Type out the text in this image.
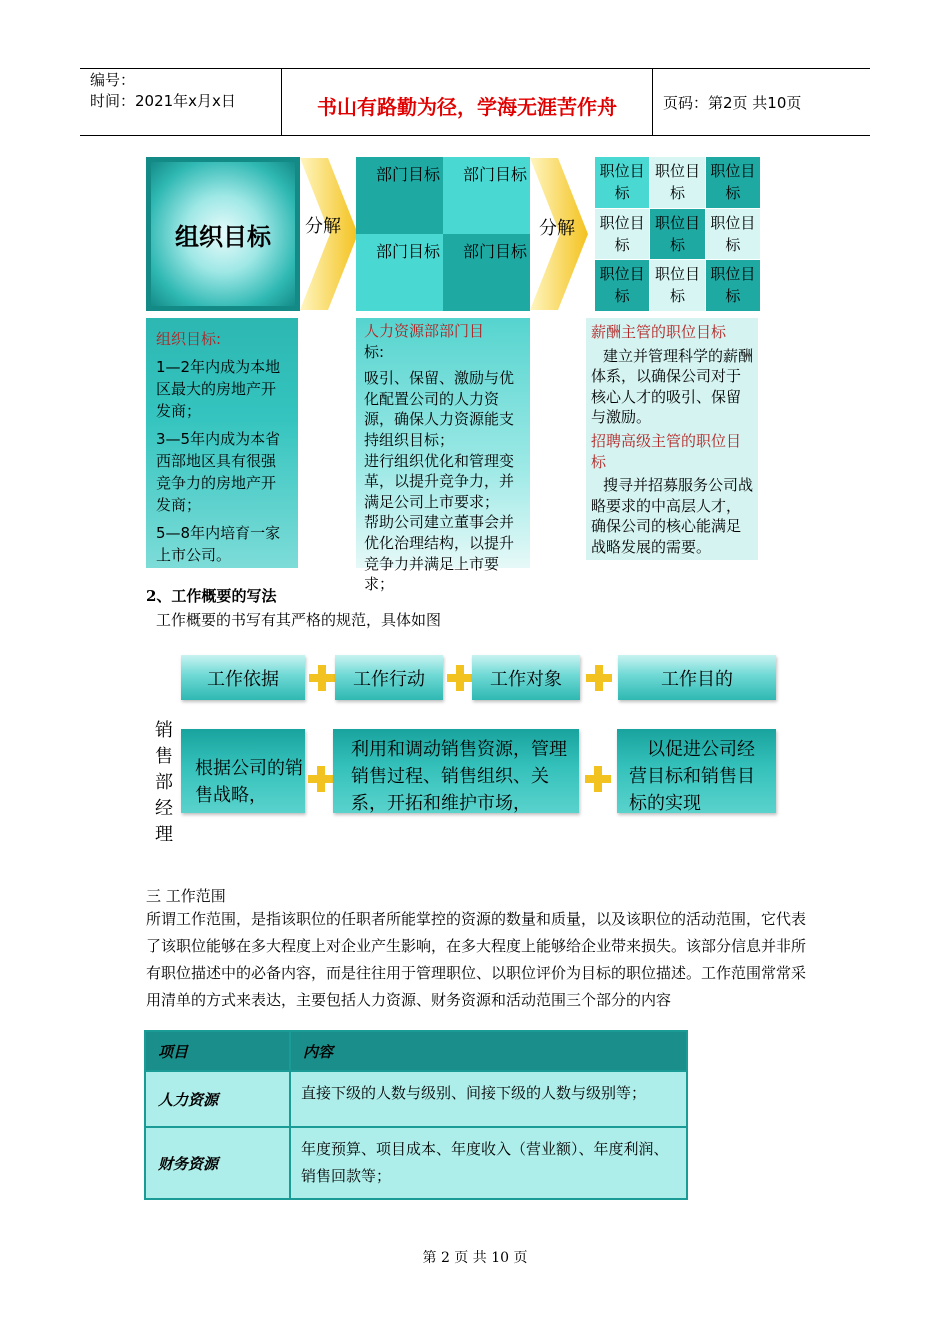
编号：
时间：2021年x月x日	书山有路勤为径，学海无涯苦作舟	页码：第2页 共10页
组织目标 分解
部门目标	部门目标
部门目标	部门目标
分解
职位目标
职位目标
职位目标
职位目标
职位目标
职位目标
职位目标
职位目标
职位目标

组织目标:

1—2年内成为本地区最大的房地产开发商；

3—5年内成为本省西部地区具有很强竞争力的房地产开发商；

5—8年内培育一家上市公司。

人力资源部部门目

标:

吸引、保留、激励与优化配置公司的人力资源，确保人力资源能支持组织目标；

进行组织优化和管理变革，以提升竞争力，并满足公司上市要求；

帮助公司建立董事会并优化治理结构，以提升竞争力并满足上市要求；

薪酬主管的职位目标

建立并管理科学的薪酬体系，以确保公司对于核心人才的吸引、保留与激励。

招聘高级主管的职位目标

搜寻并招募服务公司战略要求的中高层人才，确保公司的核心能满足战略发展的需要。

2、工作概要的写法
工作概要的书写有其严格的规范，具体如图
工作依据	工作行动	工作对象	工作目的
销售部经理
根据公司的销售战略，
利用和调动销售资源，管理销售过程、销售组织、关系，开拓和维护市场，
以促进公司经营目标和销售目标的实现
三 工作范围
所谓工作范围，是指该职位的任职者所能掌控的资源的数量和质量，以及该职位的活动范围，它代表了该职位能够在多大程度上对企业产生影响，在多大程度上能够给企业带来损失。该部分信息并非所有职位描述中的必备内容，而是往往用于管理职位、以职位评价为目标的职位描述。工作范围常常采用清单的方式来表达，主要包括人力资源、财务资源和活动范围三个部分的内容
项目	内容
人力资源	直接下级的人数与级别、间接下级的人数与级别等；
财务资源	年度预算、项目成本、年度收入（营业额）、年度利润、销售回款等；
第 2 页 共 10 页
